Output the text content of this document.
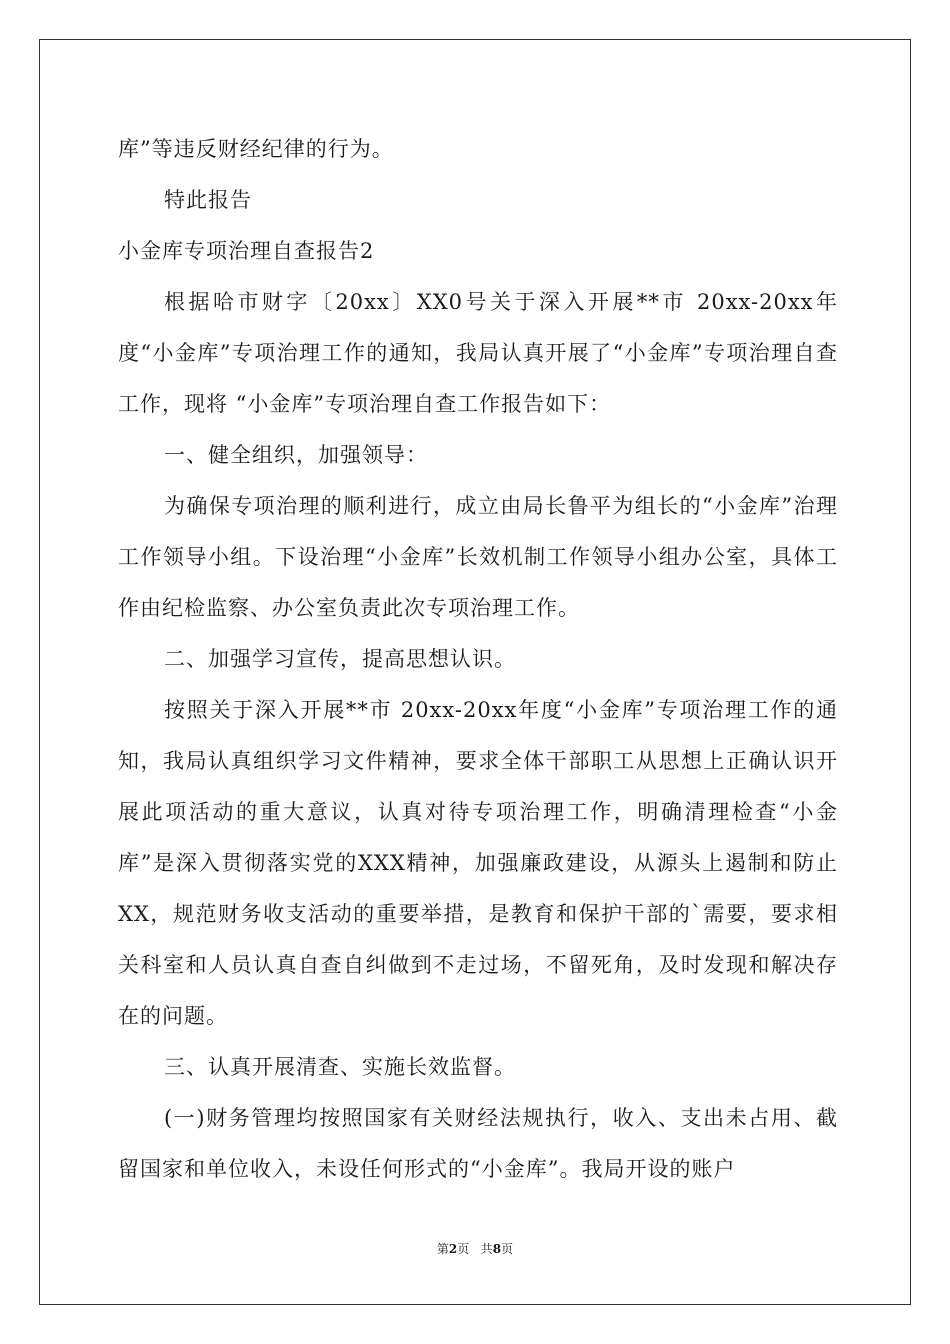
库”等违反财经纪律的行为。

特此报告

小金库专项治理自查报告2

根据哈市财字〔20xx〕XX0号关于深入开展**市 20xx-20xx年度“小金库”专项治理工作的通知，我局认真开展了“小金库”专项治理自查工作，现将 “小金库”专项治理自查工作报告如下：

一、健全组织，加强领导：

为确保专项治理的顺利进行，成立由局长鲁平为组长的“小金库”治理工作领导小组。下设治理“小金库”长效机制工作领导小组办公室，具体工作由纪检监察、办公室负责此次专项治理工作。

二、加强学习宣传，提高思想认识。

按照关于深入开展**市 20xx-20xx年度“小金库”专项治理工作的通知，我局认真组织学习文件精神，要求全体干部职工从思想上正确认识开展此项活动的重大意议，认真对待专项治理工作，明确清理检查“小金库”是深入贯彻落实党的XXX精神，加强廉政建设，从源头上遏制和防止XX，规范财务收支活动的重要举措，是教育和保护干部的`需要，要求相关科室和人员认真自查自纠做到不走过场，不留死角，及时发现和解决存在的问题。

三、认真开展清查、实施长效监督。

(一)财务管理均按照国家有关财经法规执行，收入、支出未占用、截留国家和单位收入，未设任何形式的“小金库”。我局开设的账户

第2页 共8页
